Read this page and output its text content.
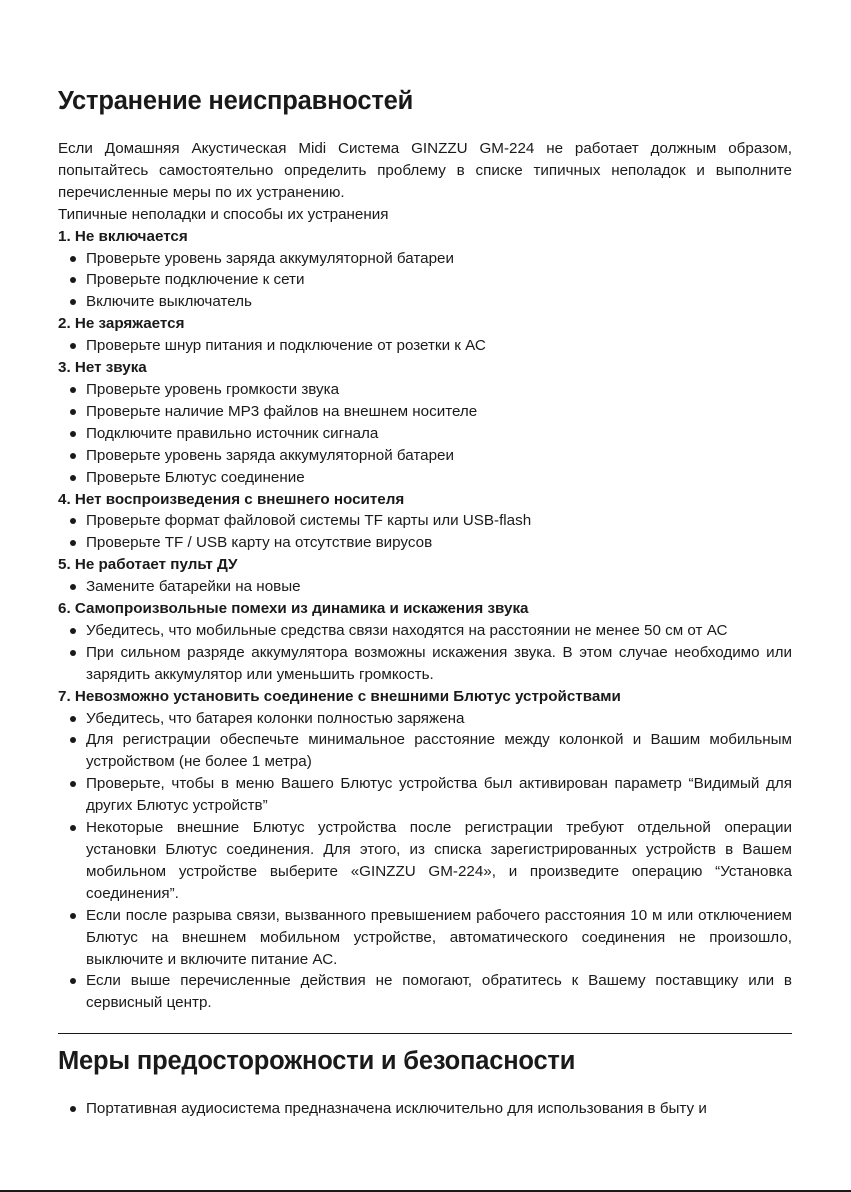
Устранение неисправностей

Если Домашняя Акустическая Midi Система GINZZU GM-224 не работает должным образом, попытайтесь самостоятельно определить проблему в списке типичных неполадок и выполните перечисленные меры по их устранению.

Типичные неполадки и способы их устранения

1. Не включается

Проверьте уровень заряда аккумуляторной батареи
Проверьте подключение к сети
Включите выключатель

2. Не заряжается

Проверьте шнур питания и подключение от розетки к АС

3. Нет звука

Проверьте уровень громкости звука
Проверьте наличие MP3 файлов на внешнем носителе
Подключите правильно источник сигнала
Проверьте уровень заряда аккумуляторной батареи
Проверьте Блютус соединение

4. Нет воспроизведения с внешнего носителя

Проверьте формат файловой системы TF карты или USB-flash
Проверьте TF / USB карту на отсутствие вирусов

5. Не работает пульт ДУ

Замените батарейки на новые

6. Самопроизвольные помехи из динамика и искажения звука

Убедитесь, что мобильные средства связи находятся на расстоянии не менее 50 см от АС
При сильном разряде аккумулятора возможны искажения звука. В этом случае необходимо или зарядить аккумулятор или уменьшить громкость.

7. Невозможно установить соединение с внешними Блютус устройствами

Убедитесь, что батарея колонки полностью заряжена
Для регистрации обеспечьте минимальное расстояние между колонкой и Вашим мобильным устройством (не более 1 метра)
Проверьте, чтобы в меню Вашего Блютус устройства был активирован параметр “Видимый для других Блютус устройств”
Некоторые внешние Блютус устройства после регистрации требуют отдельной операции установки Блютус соединения. Для этого, из списка зарегистрированных устройств в Вашем мобильном устройстве выберите «GINZZU GM-224», и произведите операцию “Установка соединения”.
Если после разрыва связи, вызванного превышением рабочего расстояния 10 м или отключением Блютус на внешнем мобильном устройстве, автоматического соединения не произошло, выключите и включите питание АС.
Если выше перечисленные действия не помогают, обратитесь к Вашему поставщику или в сервисный центр.
Меры предосторожности и безопасности
Портативная аудиосистема предназначена исключительно для использования в быту и
